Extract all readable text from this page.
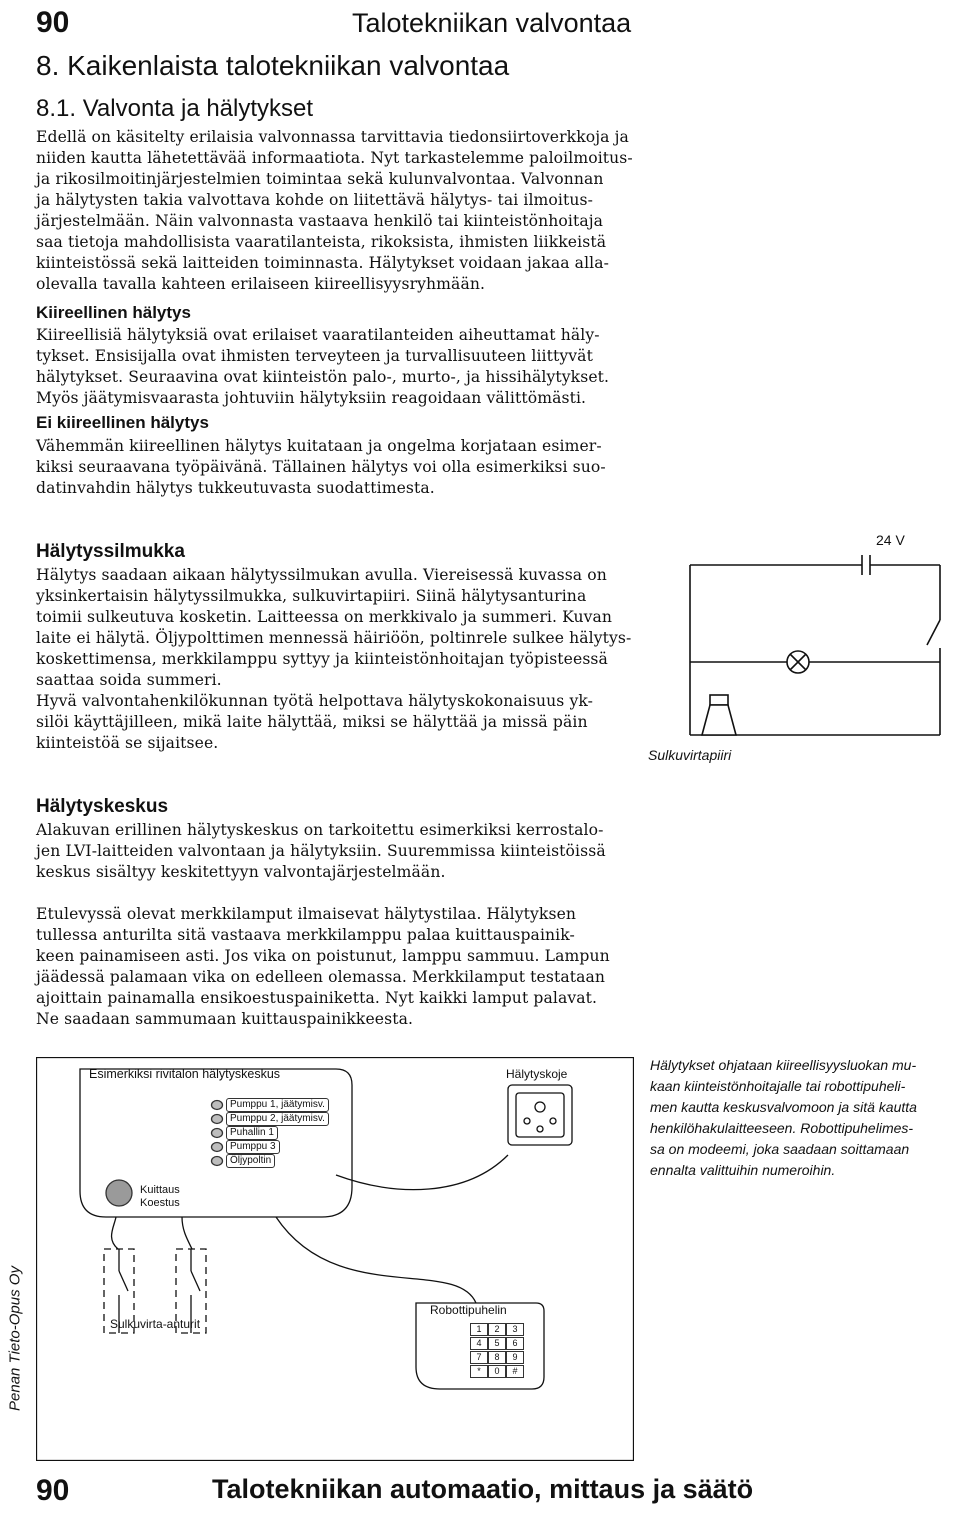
90	Talotekniikan valvontaa
8. Kaikenlaista talotekniikan valvontaa
8.1. Valvonta ja hälytykset

Edellä on käsitelty erilaisia valvonnassa tarvittavia tiedonsiirtoverkkoja ja

niiden kautta lähetettävää informaatiota. Nyt tarkastelemme paloilmoitus-

ja rikosilmoitinjärjestelmien toimintaa sekä kulunvalvontaa. Valvonnan

ja hälytysten takia valvottava kohde on liitettävä hälytys- tai ilmoitus-

järjestelmään. Näin valvonnasta vastaava henkilö tai kiinteistönhoitaja

saa tietoja mahdollisista vaaratilanteista, rikoksista, ihmisten liikkeistä

kiinteistössä sekä laitteiden toiminnasta. Hälytykset voidaan jakaa alla-

olevalla tavalla kahteen erilaiseen kiireellisyysryhmään.

Kiireellinen hälytys

Kiireellisiä hälytyksiä ovat erilaiset vaaratilanteiden aiheuttamat häly-

tykset. Ensisijalla ovat ihmisten terveyteen ja turvallisuuteen liittyvät

hälytykset. Seuraavina ovat kiinteistön palo-, murto-, ja hissihälytykset.

Myös jäätymisvaarasta johtuviin hälytyksiin reagoidaan välittömästi.

Ei kiireellinen hälytys

Vähemmän kiireellinen hälytys kuitataan ja ongelma korjataan esimer-

kiksi seuraavana työpäivänä. Tällainen hälytys voi olla esimerkiksi suo-

datinvahdin hälytys tukkeutuvasta suodattimesta.

Hälytyssilmukka

Hälytys saadaan aikaan hälytyssilmukan avulla. Viereisessä kuvassa on

yksinkertaisin hälytyssilmukka, sulkuvirtapiiri. Siinä hälytysanturina

toimii sulkeutuva kosketin. Laitteessa on merkkivalo ja summeri. Kuvan

laite ei hälytä. Öljypolttimen mennessä häiriöön, poltinrele sulkee hälytys-

koskettimensa, merkkilamppu syttyy ja kiinteistönhoitajan työpisteessä

saattaa soida summeri.

Hyvä valvontahenkilökunnan työtä helpottava hälytyskokonaisuus yk-

silöi käyttäjilleen, mikä laite hälyttää, miksi se hälyttää ja missä päin

kiinteistöä se sijaitsee.

24 V
Sulkuvirtapiiri
Hälytyskeskus

Alakuvan erillinen hälytyskeskus on tarkoitettu esimerkiksi kerrostalo-

jen LVI-laitteiden valvontaan ja hälytyksiin. Suuremmissa kiinteistöissä

keskus sisältyy keskitettyyn valvontajärjestelmään.

Etulevyssä olevat merkkilamput ilmaisevat hälytystilaa. Hälytyksen

tullessa anturilta sitä vastaava merkkilamppu palaa kuittauspainik-

keen painamiseen asti. Jos vika on poistunut, lamppu sammuu. Lampun

jäädessä palamaan vika on edelleen olemassa. Merkkilamput testataan

ajoittain painamalla ensikoestuspainiketta. Nyt kaikki lamput palavat.

Ne saadaan sammumaan kuittauspainikkeesta.

Esimerkiksi rivitalon hälytyskeskus
Pumppu 1, jäätymisv.
Pumppu 2, jäätymisv.
Puhallin 1
Pumppu 3
Öljypoltin
Kuittaus
Koestus
Sulkuvirta-anturit
Hälytyskoje
Robottipuhelin
1	2	3
4	5	6
7	8	9
*	0	#
Hälytykset ohjataan kiireellisyysluokan mu-
kaan kiinteistönhoitajalle tai robottipuheli-
men kautta keskusvalvomoon ja sitä kautta
henkilöhakulaitteeseen. Robottipuhelimes-
sa on modeemi, joka saadaan soittamaan
ennalta valittuihin numeroihin.
Penan Tieto-Opus Oy
90	Talotekniikan automaatio, mittaus ja säätö
